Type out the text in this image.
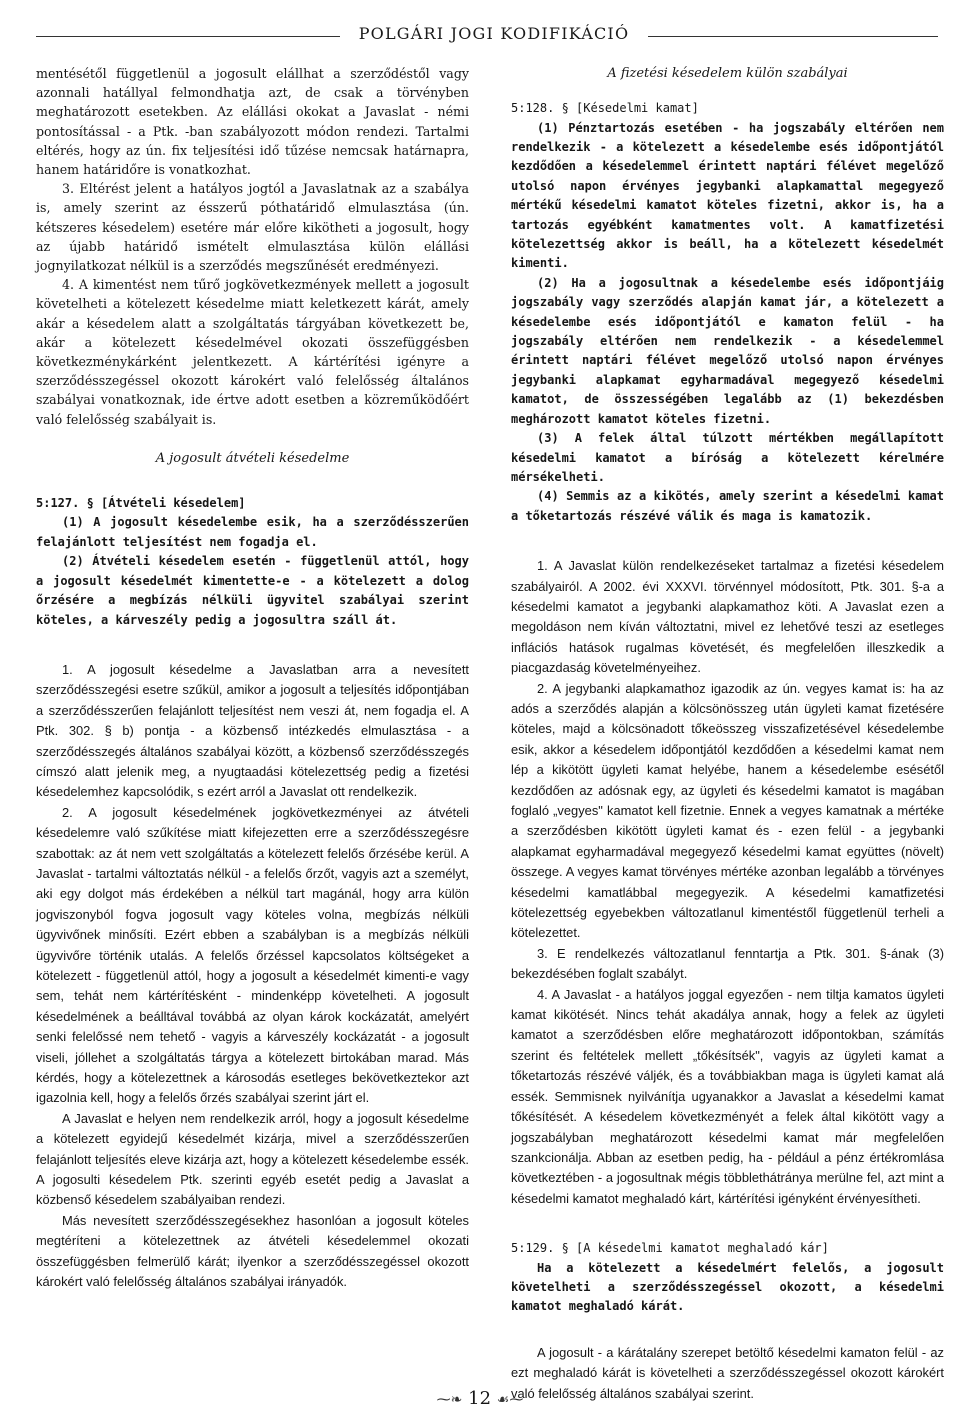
POLGÁRI JOGI KODIFIKÁCIÓ

mentésétől függetlenül a jogosult elállhat a szerződéstől vagy azonnali hatállyal felmondhatja azt, de csak a törvényben meghatározott esetekben. Az elállási okokat a Javaslat - némi pontosítással - a Ptk. -ban szabályozott módon rendezi. Tartalmi eltérés, hogy az ún. fix teljesítési idő tűzése nemcsak határnapra, hanem határidőre is vonatkozhat.

3. Eltérést jelent a hatályos jogtól a Javaslatnak az a szabálya is, amely szerint az ésszerű póthatáridő elmulasztása (ún. kétszeres késedelem) esetére már előre kikötheti a jogosult, hogy az újabb határidő ismételt elmulasztása külön elállási jognyilatkozat nélkül is a szerződés megszűnését eredményezi.

4. A kimentést nem tűrő jogkövetkezmények mellett a jogosult követelheti a kötelezett késedelme miatt keletkezett kárát, amely akár a késedelem alatt a szolgáltatás tárgyában következett be, akár a kötelezett késedelmével okozati összefüggésben következménykárként jelentkezett. A kártérítési igényre a szerződésszegéssel okozott károkért való felelősség általános szabályai vonatkoznak, ide értve adott esetben a közreműködőért való felelősség szabályait is.

A jogosult átvételi késedelme

5:127. § [Átvételi késedelem]

(1) A jogosult késedelembe esik, ha a szerződésszerűen felajánlott teljesítést nem fogadja el.

(2) Átvételi késedelem esetén - függetlenül attól, hogy a jogosult késedelmét kimentette-e - a kötelezett a dolog őrzésére a megbízás nélküli ügyvitel szabályai szerint köteles, a kárveszély pedig a jogosultra száll át.

1. A jogosult késedelme a Javaslatban arra a nevesített szerződésszegési esetre szűkül, amikor a jogosult a teljesítés időpontjában a szerződésszerűen felajánlott teljesítést nem veszi át, nem fogadja el. A Ptk. 302. § b) pontja - a közbenső intézkedés elmulasztása - a szerződésszegés általános szabályai között, a közbenső szerződésszegés címszó alatt jelenik meg, a nyugtaadási kötelezettség pedig a fizetési késedelemhez kapcsolódik, s ezért arról a Javaslat ott rendelkezik.

2. A jogosult késedelmének jogkövetkezményei az átvételi késedelemre való szűkítése miatt kifejezetten erre a szerződésszegésre szabottak: az át nem vett szolgáltatás a kötelezett felelős őrzésébe kerül. A Javaslat - tartalmi változtatás nélkül - a felelős őrzőt, vagyis azt a személyt, aki egy dolgot más érdekében a nélkül tart magánál, hogy arra külön jogviszonyból fogva jogosult vagy köteles volna, megbízás nélküli ügyvivőnek minősíti. Ezért ebben a szabályban is a megbízás nélküli ügyvivőre történik utalás. A felelős őrzéssel kapcsolatos költségeket a kötelezett - függetlenül attól, hogy a jogosult a késedelmét kimenti-e vagy sem, tehát nem kártérítésként - mindenképp követelheti. A jogosult késedelmének a beálltával továbbá az olyan károk kockázatát, amelyért senki felelőssé nem tehető - vagyis a kárveszély kockázatát - a jogosult viseli, jóllehet a szolgáltatás tárgya a kötelezett birtokában marad. Más kérdés, hogy a kötelezettnek a károsodás esetleges bekövetkeztekor azt igazolnia kell, hogy a felelős őrzés szabályai szerint járt el.

A Javaslat e helyen nem rendelkezik arról, hogy a jogosult késedelme a kötelezett egyidejű késedelmét kizárja, mivel a szerződésszerűen felajánlott teljesítés eleve kizárja azt, hogy a kötelezett késedelembe essék. A jogosulti késedelem Ptk. szerinti egyéb esetét pedig a Javaslat a közbenső késedelem szabályaiban rendezi.

Más nevesített szerződésszegésekhez hasonlóan a jogosult köteles megtéríteni a kötelezettnek az átvételi késedelemmel okozati összefüggésben felmerülő kárát; ilyenkor a szerződésszegéssel okozott károkért való felelősség általános szabályai irányadók.

A fizetési késedelem külön szabályai

5:128. § [Késedelmi kamat]

(1) Pénztartozás esetében - ha jogszabály eltérően nem rendelkezik - a kötelezett a késedelembe esés időpontjától kezdődően a késedelemmel érintett naptári félévet megelőző utolsó napon érvényes jegybanki alapkamattal megegyező mértékű késedelmi kamatot köteles fizetni, akkor is, ha a tartozás egyébként kamatmentes volt. A kamatfizetési kötelezettség akkor is beáll, ha a kötelezett késedelmét kimenti.

(2) Ha a jogosultnak a késedelembe esés időpontjáig jogszabály vagy szerződés alapján kamat jár, a kötelezett a késedelembe esés időpontjától e kamaton felül - ha jogszabály eltérően nem rendelkezik - a késedelemmel érintett naptári félévet megelőző utolsó napon érvényes jegybanki alapkamat egyharmadával megegyező késedelmi kamatot, de összességében legalább az (1) bekezdésben meghározott kamatot köteles fizetni.

(3) A felek által túlzott mértékben megállapított késedelmi kamatot a bíróság a kötelezett kérelmére mérsékelheti.

(4) Semmis az a kikötés, amely szerint a késedelmi kamat a tőketartozás részévé válik és maga is kamatozik.

1. A Javaslat külön rendelkezéseket tartalmaz a fizetési késedelem szabályairól. A 2002. évi XXXVI. törvénnyel módosított, Ptk. 301. §-a a késedelmi kamatot a jegybanki alapkamathoz köti. A Javaslat ezen a megoldáson nem kíván változtatni, mivel ez lehetővé teszi az esetleges inflációs hatások rugalmas követését, és megfelelően illeszkedik a piacgazdaság követelményeihez.

2. A jegybanki alapkamathoz igazodik az ún. vegyes kamat is: ha az adós a szerződés alapján a kölcsönösszeg után ügyleti kamat fizetésére köteles, majd a kölcsönadott tőkeösszeg visszafizetésével késedelembe esik, akkor a késedelem időpontjától kezdődően a késedelmi kamat nem lép a kikötött ügyleti kamat helyébe, hanem a késedelembe esésétől kezdődően az adósnak egy, az ügyleti és késedelmi kamatot is magában foglaló „vegyes" kamatot kell fizetnie. Ennek a vegyes kamatnak a mértéke a szerződésben kikötött ügyleti kamat és - ezen felül - a jegybanki alapkamat egyharmadával megegyező késedelmi kamat együttes (növelt) összege. A vegyes kamat törvényes mértéke azonban legalább a törvényes késedelmi kamatlábbal megegyezik. A késedelmi kamatfizetési kötelezettség egyebekben változatlanul kimentéstől függetlenül terheli a kötelezettet.

3. E rendelkezés változatlanul fenntartja a Ptk. 301. §-ának (3) bekezdésében foglalt szabályt.

4. A Javaslat - a hatályos joggal egyezően - nem tiltja kamatos ügyleti kamat kikötését. Nincs tehát akadálya annak, hogy a felek az ügyleti kamatot a szerződésben előre meghatározott időpontokban, számítás szerint és feltételek mellett „tőkésítsék", vagyis az ügyleti kamat a tőketartozás részévé váljék, és a továbbiakban maga is ügyleti kamat alá essék. Semmisnek nyilvánítja ugyanakkor a Javaslat a késedelmi kamat tőkésítését. A késedelem következményét a felek által kikötött vagy a jogszabályban meghatározott késedelmi kamat már megfelelően szankcionálja. Abban az esetben pedig, ha - például a pénz értékromlása következtében - a jogosultnak mégis többlethátránya merülne fel, azt mint a késedelmi kamatot meghaladó kárt, kártérítési igényként érvényesítheti.

5:129. § [A késedelmi kamatot meghaladó kár]

Ha a kötelezett a késedelmért felelős, a jogosult követelheti a szerződésszegéssel okozott, a késedelmi kamatot meghaladó kárát.

A jogosult - a kárátalány szerepet betöltő késedelmi kamaton felül - az ezt meghaladó kárát is követelheti a szerződésszegéssel okozott károkért való felelősség általános szabályai szerint.

⁓❧ 12 ☙⁓
